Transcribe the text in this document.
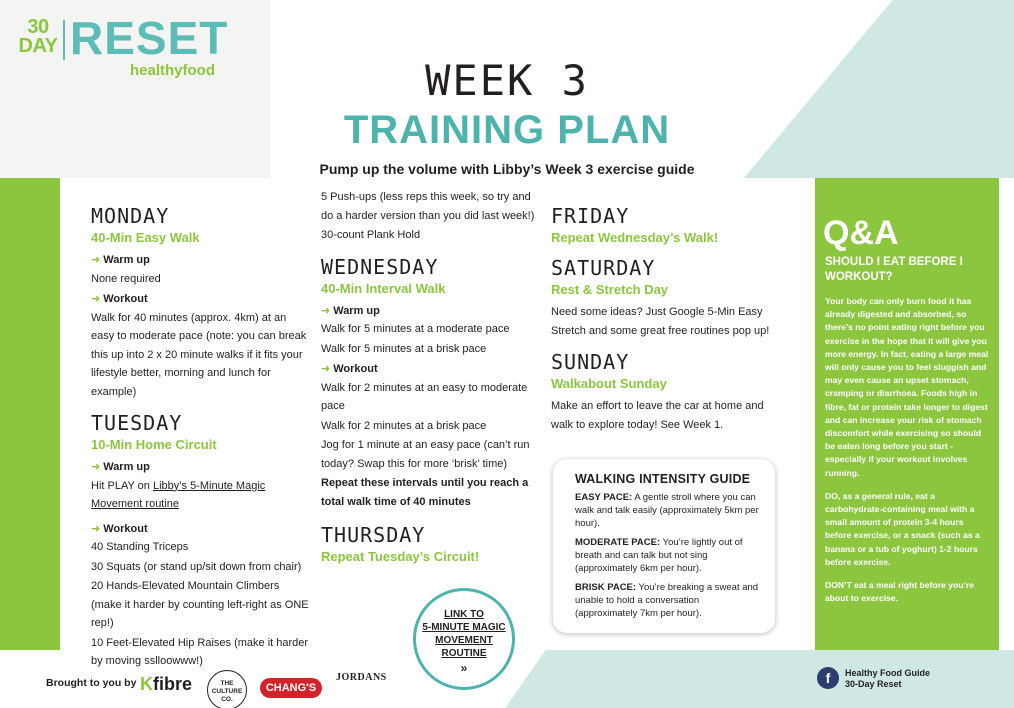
30
DAY RESET
healthyfood	WEEK 3
TRAINING PLAN
Pump up the volume with Libby’s Week 3 exercise guide
MONDAY
40-Min Easy Walk
➜ Warm up
None required
➜ Workout
Walk for 40 minutes (approx. 4km) at an easy to moderate pace (note: you can break this up into 2 x 20 minute walks if it fits your lifestyle better, morning and lunch for example)
TUESDAY
10-Min Home Circuit
➜ Warm up
Hit PLAY on Libby’s 5-Minute Magic Movement routine
➜ Workout
40 Standing Triceps
30 Squats (or stand up/sit down from chair)
20 Hands-Elevated Mountain Climbers (make it harder by counting left-right as ONE rep!)
10 Feet-Elevated Hip Raises (make it harder by moving sslloowww!)
5 Push-ups (less reps this week, so try and do a harder version than you did last week!)
30-count Plank Hold
WEDNESDAY
40-Min Interval Walk
➜ Warm up
Walk for 5 minutes at a moderate pace
Walk for 5 minutes at a brisk pace
➜ Workout
Walk for 2 minutes at an easy to moderate pace
Walk for 2 minutes at a brisk pace
Jog for 1 minute at an easy pace (can’t run today? Swap this for more ‘brisk’ time)
Repeat these intervals until you reach a total walk time of 40 minutes
THURSDAY
Repeat Tuesday’s Circuit!
FRIDAY
Repeat Wednesday’s Walk!
SATURDAY
Rest & Stretch Day
Need some ideas? Just Google 5-Min Easy Stretch and some great free routines pop up!
SUNDAY
Walkabout Sunday
Make an effort to leave the car at home and walk to explore today! See Week 1.
WALKING INTENSITY GUIDE
EASY PACE: A gentle stroll where you can walk and talk easily (approximately 5km per hour).
MODERATE PACE: You’re lightly out of breath and can talk but not sing (approximately 6km per hour).
BRISK PACE: You’re breaking a sweat and unable to hold a conversation (approximately 7km per hour).
Q&A
SHOULD I EAT BEFORE I WORKOUT?
Your body can only burn food it has already digested and absorbed, so there’s no point eating right before you exercise in the hope that it will give you more energy. In fact, eating a large meal will only cause you to feel sluggish and may even cause an upset stomach, cramping or diarrhoea. Foods high in fibre, fat or protein take longer to digest and can increase your risk of stomach discomfort while exercising so should be eaten long before you start - especially if your workout involves running.
DO, as a general rule, eat a carbohydrate-containing meal with a small amount of protein 3-4 hours before exercise, or a snack (such as a banana or a tub of yoghurt) 1-2 hours before exercise.
DON’T eat a meal right before you’re about to exercise.
LINK TO
5-MINUTE MAGIC
MOVEMENT
ROUTINE
»
Brought to you by Kfibre	THE
CULTURE
CO.
CHANG'S
JORDANS	f	Healthy Food Guide
30-Day Reset
